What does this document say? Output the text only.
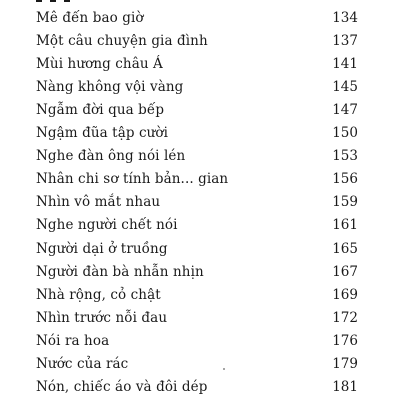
Mê đến bao giờ	134
Một câu chuyện gia đình	137
Mùi hương châu Á	141
Nàng không vội vàng	145
Ngẫm đời qua bếp	147
Ngậm đũa tập cười	150
Nghe đàn ông nói lén	153
Nhân chi sơ tính bản... gian	156
Nhìn vô mắt nhau	159
Nghe người chết nói	161
Người dại ở truồng	165
Người đàn bà nhẫn nhịn	167
Nhà rộng, cỏ chật	169
Nhìn trước nỗi đau	172
Nói ra hoa	176
Nước của rác	179
Nón, chiếc áo và đôi dép	181
